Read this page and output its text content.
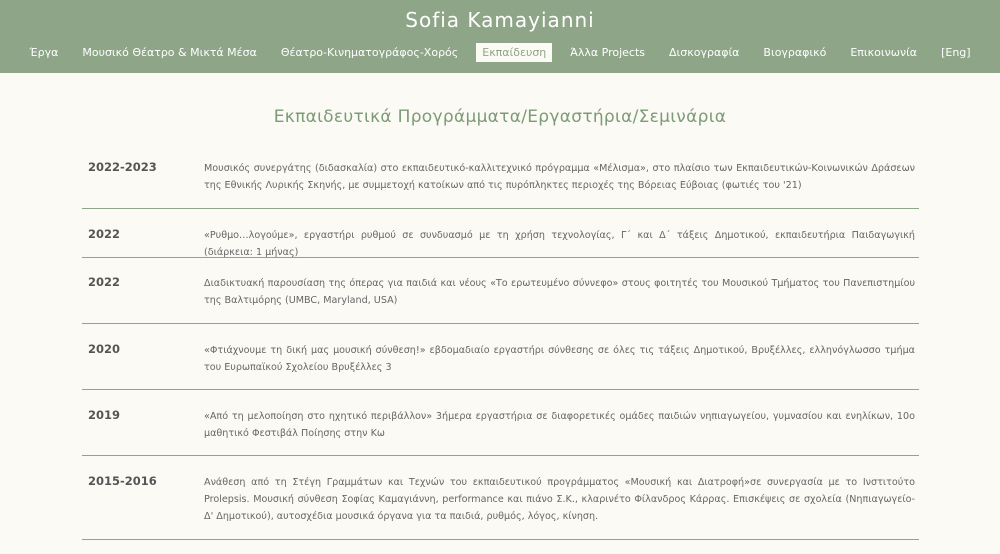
Sofia Kamayianni
Έργα	Μουσικό Θέατρο & Μικτά Μέσα	Θέατρο-Κινηματογράφος-Χορός	Εκπαίδευση	Άλλα Projects	Δισκογραφία	Βιογραφικό	Επικοινωνία	[Eng]
Εκπαιδευτικά Προγράμματα/Εργαστήρια/Σεμινάρια
2022-2023	Μουσικός συνεργάτης (διδασκαλία) στο εκπαιδευτικό-καλλιτεχνικό πρόγραμμα «Μέλισμα», στο πλαίσιο των Εκπαιδευτικών-Κοινωνικών Δράσεων της Εθνικής Λυρικής Σκηνής, με συμμετοχή κατοίκων από τις πυρόπληκτες περιοχές της Βόρειας Εύβοιας (φωτιές του '21)
2022	«Ρυθμο…λογούμε», εργαστήρι ρυθμού σε συνδυασμό με τη χρήση τεχνολογίας, Γ΄ και Δ΄ τάξεις Δημοτικού, εκπαιδευτήρια Παιδαγωγική (διάρκεια: 1 μήνας)
2022	Διαδικτυακή παρουσίαση της όπερας για παιδιά και νέους «Το ερωτευμένο σύννεφο» στους φοιτητές του Μουσικού Τμήματος του Πανεπιστημίου της Βαλτιμόρης (UMBC, Maryland, USA)
2020	«Φτιάχνουμε τη δική μας μουσική σύνθεση!» εβδομαδιαίο εργαστήρι σύνθεσης σε όλες τις τάξεις Δημοτικού, Βρυξέλλες, ελληνόγλωσσο τμήμα του Ευρωπαϊκού Σχολείου Βρυξέλλες 3
2019	«Από τη μελοποίηση στο ηχητικό περιβάλλον» 3ήμερα εργαστήρια σε διαφορετικές ομάδες παιδιών νηπιαγωγείου, γυμνασίου και ενηλίκων, 10ο μαθητικό Φεστιβάλ Ποίησης στην Κω
2015-2016	Ανάθεση από τη Στέγη Γραμμάτων και Τεχνών του εκπαιδευτικού προγράμματος «Μουσική και Διατροφή»σε συνεργασία με το Ινστιτούτο Prolepsis. Μουσική σύνθεση Σοφίας Καμαγιάννη, performance και πιάνο Σ.Κ., κλαρινέτο Φίλανδρος Κάρρας. Επισκέψεις σε σχολεία (Νηπιαγωγείο-Δ' Δημοτικού), αυτοσχέδια μουσικά όργανα για τα παιδιά, ρυθμός, λόγος, κίνηση.
